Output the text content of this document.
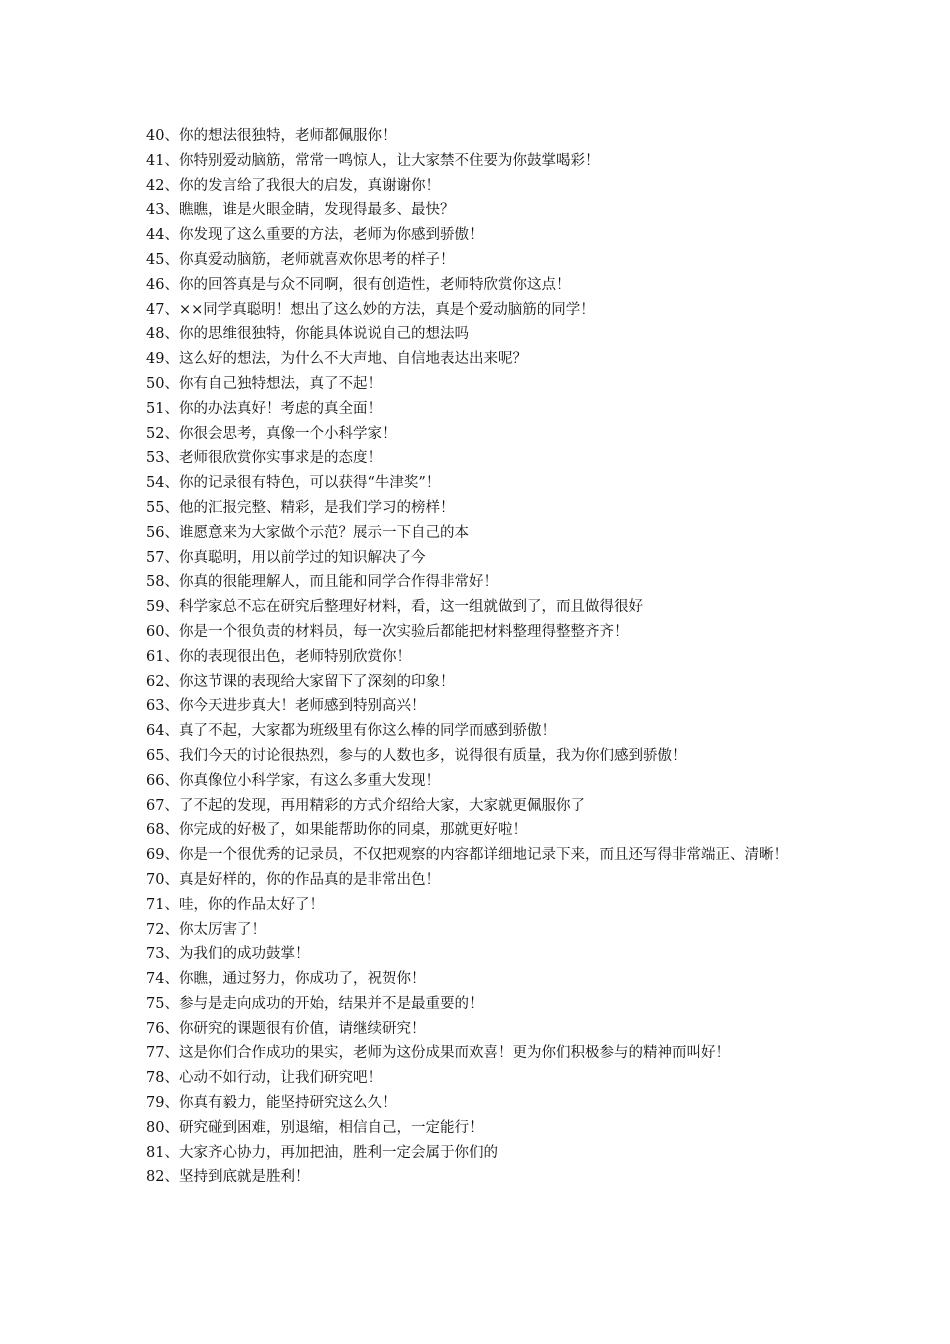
40、你的想法很独特，老师都佩服你！

41、你特别爱动脑筋，常常一鸣惊人，让大家禁不住要为你鼓掌喝彩！

42、你的发言给了我很大的启发，真谢谢你！

43、瞧瞧，谁是火眼金睛，发现得最多、最快？

44、你发现了这么重要的方法，老师为你感到骄傲！

45、你真爱动脑筋，老师就喜欢你思考的样子！

46、你的回答真是与众不同啊，很有创造性，老师特欣赏你这点！

47、××同学真聪明！想出了这么妙的方法，真是个爱动脑筋的同学！

48、你的思维很独特，你能具体说说自己的想法吗

49、这么好的想法，为什么不大声地、自信地表达出来呢？

50、你有自己独特想法，真了不起！

51、你的办法真好！考虑的真全面！

52、你很会思考，真像一个小科学家！

53、老师很欣赏你实事求是的态度！

54、你的记录很有特色，可以获得“牛津奖”！

55、他的汇报完整、精彩，是我们学习的榜样！

56、谁愿意来为大家做个示范？展示一下自己的本

57、你真聪明，用以前学过的知识解决了今

58、你真的很能理解人，而且能和同学合作得非常好！

59、科学家总不忘在研究后整理好材料，看，这一组就做到了，而且做得很好

60、你是一个很负责的材料员，每一次实验后都能把材料整理得整整齐齐！

61、你的表现很出色，老师特别欣赏你！

62、你这节课的表现给大家留下了深刻的印象！

63、你今天进步真大！老师感到特别高兴！

64、真了不起，大家都为班级里有你这么棒的同学而感到骄傲！

65、我们今天的讨论很热烈，参与的人数也多，说得很有质量，我为你们感到骄傲！

66、你真像位小科学家，有这么多重大发现！

67、了不起的发现，再用精彩的方式介绍给大家，大家就更佩服你了

68、你完成的好极了，如果能帮助你的同桌，那就更好啦！

69、你是一个很优秀的记录员，不仅把观察的内容都详细地记录下来，而且还写得非常端正、清晰！

70、真是好样的，你的作品真的是非常出色！

71、哇，你的作品太好了！

72、你太厉害了！

73、为我们的成功鼓掌！

74、你瞧，通过努力，你成功了，祝贺你！

75、参与是走向成功的开始，结果并不是最重要的！

76、你研究的课题很有价值，请继续研究！

77、这是你们合作成功的果实，老师为这份成果而欢喜！更为你们积极参与的精神而叫好！

78、心动不如行动，让我们研究吧！

79、你真有毅力，能坚持研究这么久！

80、研究碰到困难，别退缩，相信自己，一定能行！

81、大家齐心协力，再加把油，胜利一定会属于你们的

82、坚持到底就是胜利！
